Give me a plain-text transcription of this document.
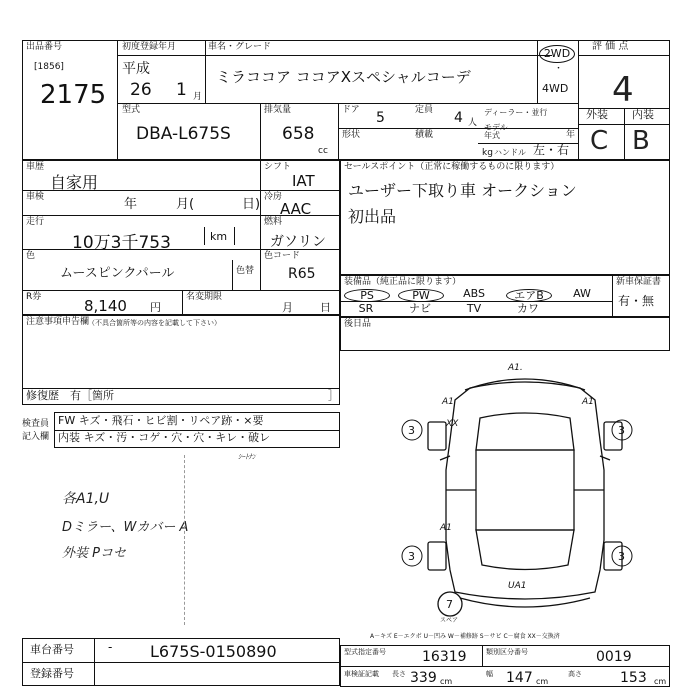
出品番号
[1856]
2175
初度登録年月
平成
26 1 月
車名・グレード
ミラココア ココアXスペシャルコーデ
2WD
・
4WD
評 価 点
4
外装 内装
C B
型式
DBA-L675S
排気量
658
cc
ドア 5	定員 4 人
ディーラー・並行
形状	積載
モデル
年式	年
kg ハンドル 左・右
車歴
自家用
シフト
IAT
車検	年	月(	日) 冷房
AAC
走行
10万3千753	km
燃料
ガソリン
色
ムースピンクパール	色替
色コード
R65
R券	8,140 円
名変期限
月 日
セールスポイント（正常に稼働するものに限ります）
ユーザー下取り車 オークション
初出品
装備品（純正品に限ります）	新車保証書
有・無
PS	PW	ABS	エアB	AW
SR	ナビ	TV	カワ
注意事項申告欄
（不具合箇所等の内容を記載して下さい）
修復歴 有［箇所	］
後日品
検査員
記入欄
FW キズ・飛石・ヒビ割・リペア跡・×要
内装 キズ・汚・コゲ・穴・穴・キレ・破レ
ｼｰﾄﾅﾝ
各A1,U
Dミラー、Wカバー A
外装 Pコセ
A1.
A1
XX
A1
A1
UA1
3	3
3	3
7
スペア
A－キズ E－エクボ U－凹み W－補修跡 S－サビ C－腐食 XX－交換済
車台番号	- L675S-0150890
登録番号
型式指定番号	16319	類別区分番号	0019
車検証記載 長さ 339 cm
幅 147 cm
高さ	153 cm
